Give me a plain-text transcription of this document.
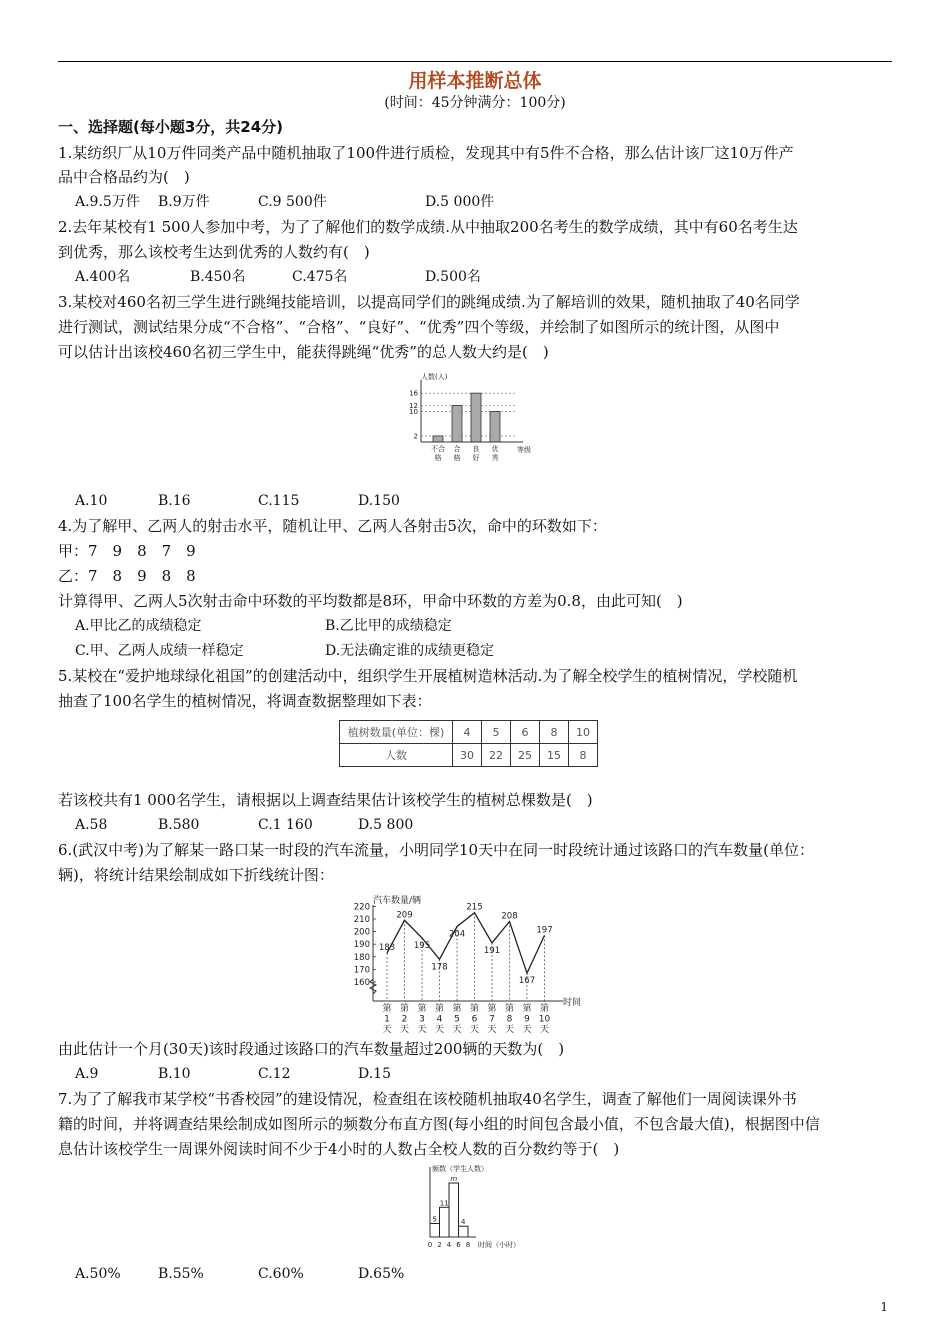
用样本推断总体
(时间：45分钟满分：100分)
一、选择题(每小题3分，共24分)
1.某纺织厂从10万件同类产品中随机抽取了100件进行质检，发现其中有5件不合格，那么估计该厂这10万件产
品中合格品约为(　)
A.9.5万件 B.9万件	C.9 500件	D.5 000件
2.去年某校有1 500人参加中考，为了了解他们的数学成绩.从中抽取200名考生的数学成绩，其中有60名考生达
到优秀，那么该校考生达到优秀的人数约有(　)
A.400名	B.450名	C.475名	D.500名
3.某校对460名初三学生进行跳绳技能培训，以提高同学们的跳绳成绩.为了解培训的效果，随机抽取了40名同学
进行测试，测试结果分成“不合格”、“合格”、“良好”、“优秀”四个等级，并绘制了如图所示的统计图，从图中
可以估计出该校460名初三学生中，能获得跳绳“优秀”的总人数大约是(　)
人数(人)
2
10
12
16
不合
格
合
格
良
好
优
秀
等级
A.10	B.16	C.115	D.150
4.为了解甲、乙两人的射击水平，随机让甲、乙两人各射击5次，命中的环数如下：
甲：7　9　8　7　9
乙：7　8　9　8　8
计算得甲、乙两人5次射击命中环数的平均数都是8环，甲命中环数的方差为0.8，由此可知(　)
A.甲比乙的成绩稳定	B.乙比甲的成绩稳定
C.甲、乙两人成绩一样稳定	D.无法确定谁的成绩更稳定
5.某校在“爱护地球绿化祖国”的创建活动中，组织学生开展植树造林活动.为了解全校学生的植树情况，学校随机
抽查了100名学生的植树情况，将调查数据整理如下表：
植树数量(单位：棵)	4	5	6	8	10
人数	30	22	25	15	8
若该校共有1 000名学生，请根据以上调查结果估计该校学生的植树总棵数是(　)
A.58	B.580	C.1 160	D.5 800
6.(武汉中考)为了解某一路口某一时段的汽车流量，小明同学10天中在同一时段统计通过该路口的汽车数量(单位：
辆)，将统计结果绘制成如下折线统计图：
汽车数量/辆
160
170
180
190
200
210
220
183
209
195
178
204
215
191
208
167
197
第
1
天
第
2
天
第
3
天
第
4
天
第
5
天
第
6
天
第
7
天
第
8
天
第
9
天
第
10
天
时间
由此估计一个月(30天)该时段通过该路口的汽车数量超过200辆的天数为(　)
A.9	B.10	C.12	D.15
7.为了了解我市某学校“书香校园”的建设情况，检查组在该校随机抽取40名学生，调查了解他们一周阅读课外书
籍的时间，并将调查结果绘制成如图所示的频数分布直方图(每小组的时间包含最小值，不包含最大值)，根据图中信
息估计该校学生一周课外阅读时间不少于4小时的人数占全校人数的百分数约等于(　)
频数（学生人数）
5
11
m
4
0 2 4 6 8 时间（小时）
A.50%	B.55%	C.60%	D.65%
1
